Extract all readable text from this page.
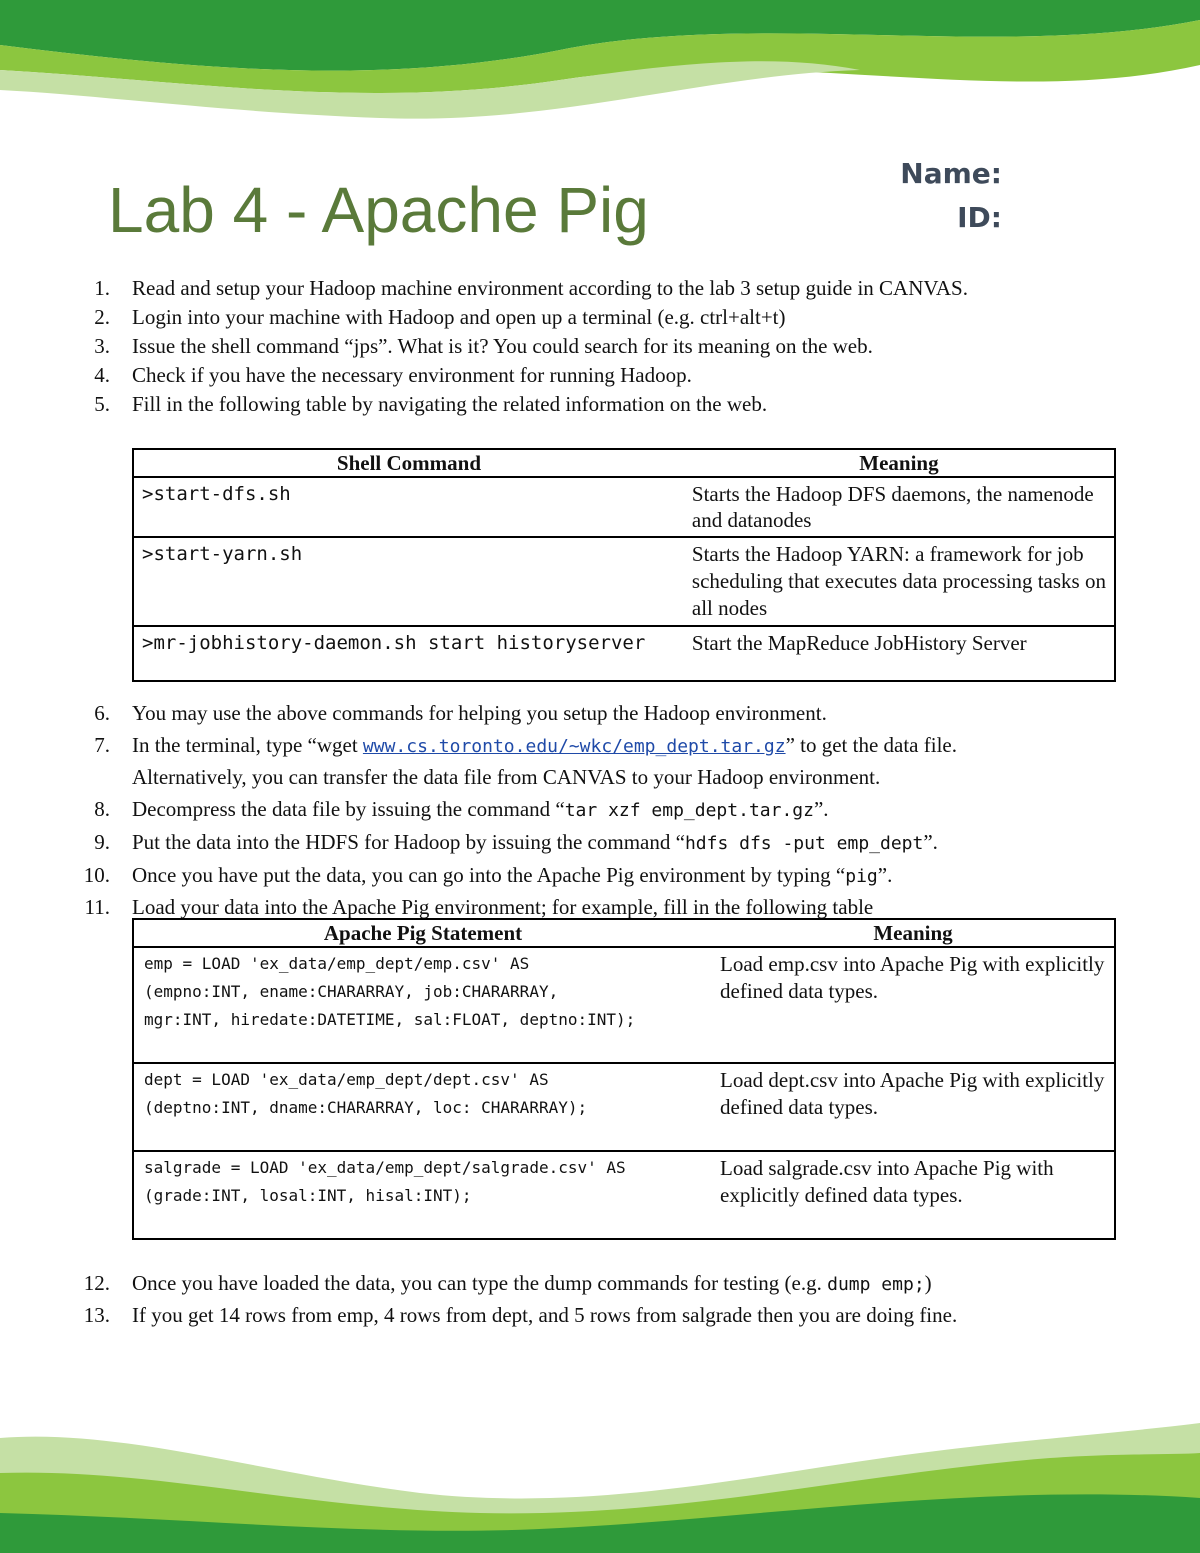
Lab 4 - Apache Pig
Name:
ID:
1. Read and setup your Hadoop machine environment according to the lab 3 setup guide in CANVAS.
2. Login into your machine with Hadoop and open up a terminal (e.g. ctrl+alt+t)
3. Issue the shell command “jps”. What is it? You could search for its meaning on the web.
4. Check if you have the necessary environment for running Hadoop.
5. Fill in the following table by navigating the related information on the web.
Shell Command	Meaning
>start-dfs.sh	Starts the Hadoop DFS daemons, the namenode and datanodes
>start-yarn.sh	Starts the Hadoop YARN: a framework for job scheduling that executes data processing tasks on all nodes
>mr-jobhistory-daemon.sh start historyserver	Start the MapReduce JobHistory Server
6. You may use the above commands for helping you setup the Hadoop environment.
7. In the terminal, type “wget www.cs.toronto.edu/~wkc/emp_dept.tar.gz” to get the data file.
Alternatively, you can transfer the data file from CANVAS to your Hadoop environment.
8. Decompress the data file by issuing the command “tar xzf emp_dept.tar.gz”.
9. Put the data into the HDFS for Hadoop by issuing the command “hdfs dfs -put emp_dept”.
10. Once you have put the data, you can go into the Apache Pig environment by typing “pig”.
11. Load your data into the Apache Pig environment; for example, fill in the following table
Apache Pig Statement	Meaning

emp = LOAD 'ex_data/emp_dept/emp.csv' AS
(empno:INT, ename:CHARARRAY, job:CHARARRAY,
mgr:INT, hiredate:DATETIME, sal:FLOAT, deptno:INT);	Load emp.csv into Apache Pig with explicitly defined data types.

dept = LOAD 'ex_data/emp_dept/dept.csv' AS
(deptno:INT, dname:CHARARRAY, loc: CHARARRAY);	Load dept.csv into Apache Pig with explicitly defined data types.

salgrade = LOAD 'ex_data/emp_dept/salgrade.csv' AS
(grade:INT, losal:INT, hisal:INT);	Load salgrade.csv into Apache Pig with explicitly defined data types.
12. Once you have loaded the data, you can type the dump commands for testing (e.g. dump emp;)
13. If you get 14 rows from emp, 4 rows from dept, and 5 rows from salgrade then you are doing fine.
